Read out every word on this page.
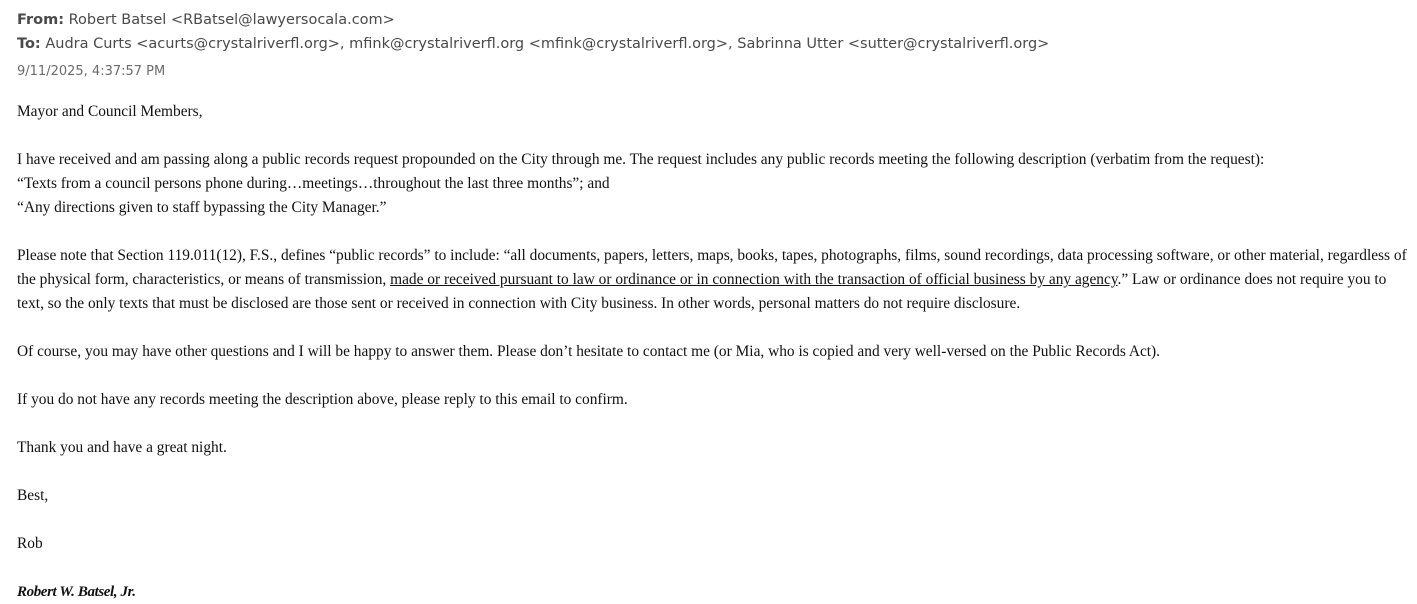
From: Robert Batsel <RBatsel@lawyersocala.com>
To: Audra Curts <acurts@crystalriverfl.org>, mfink@crystalriverfl.org <mfink@crystalriverfl.org>, Sabrinna Utter <sutter@crystalriverfl.org>
9/11/2025, 4:37:57 PM

Mayor and Council Members,

I have received and am passing along a public records request propounded on the City through me. The request includes any public records meeting the following description (verbatim from the request):

“Texts from a council persons phone during…meetings…throughout the last three months”; and

“Any directions given to staff bypassing the City Manager.”

Please note that Section 119.011(12), F.S., defines “public records” to include: “all documents, papers, letters, maps, books, tapes, photographs, films, sound recordings, data processing software, or other material, regardless of the physical form, characteristics, or means of transmission, made or received pursuant to law or ordinance or in connection with the transaction of official business by any agency.” Law or ordinance does not require you to text, so the only texts that must be disclosed are those sent or received in connection with City business. In other words, personal matters do not require disclosure.

Of course, you may have other questions and I will be happy to answer them. Please don’t hesitate to contact me (or Mia, who is copied and very well-versed on the Public Records Act).

If you do not have any records meeting the description above, please reply to this email to confirm.

Thank you and have a great night.

Best,

Rob

Robert W. Batsel, Jr.
